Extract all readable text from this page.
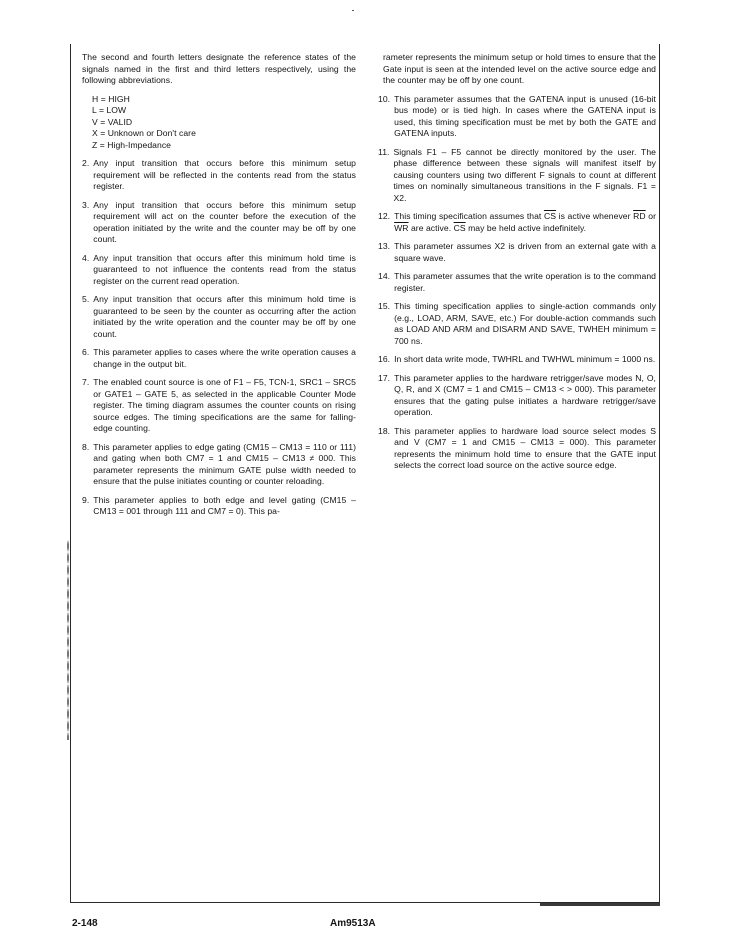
The second and fourth letters designate the reference states of the signals named in the first and third letters respectively, using the following abbreviations.

H = HIGH
L = LOW
V = VALID
X = Unknown or Don't care
Z = High-Impedance
2. Any input transition that occurs before this minimum setup requirement will be reflected in the contents read from the status register.
3. Any input transition that occurs before this minimum setup requirement will act on the counter before the execution of the operation initiated by the write and the counter may be off by one count.
4. Any input transition that occurs after this minimum hold time is guaranteed to not influence the contents read from the status register on the current read operation.
5. Any input transition that occurs after this minimum hold time is guaranteed to be seen by the counter as occurring after the action initiated by the write operation and the counter may be off by one count.
6. This parameter applies to cases where the write operation causes a change in the output bit.
7. The enabled count source is one of F1 – F5, TCN-1, SRC1 – SRC5 or GATE1 – GATE 5, as selected in the applicable Counter Mode register. The timing diagram assumes the counter counts on rising source edges. The timing specifications are the same for falling-edge counting.
8. This parameter applies to edge gating (CM15 – CM13 = 110 or 111) and gating when both CM7 = 1 and CM15 – CM13 ≠ 000. This parameter represents the minimum GATE pulse width needed to ensure that the pulse initiates counting or counter reloading.
9. This parameter applies to both edge and level gating (CM15 – CM13 = 001 through 111 and CM7 = 0). This pa-

rameter represents the minimum setup or hold times to ensure that the Gate input is seen at the intended level on the active source edge and the counter may be off by one count.

10. This parameter assumes that the GATENA input is unused (16-bit bus mode) or is tied high. In cases where the GATENA input is used, this timing specification must be met by both the GATE and GATENA inputs.
11. Signals F1 – F5 cannot be directly monitored by the user. The phase difference between these signals will manifest itself by causing counters using two different F signals to count at different times on nominally simultaneous transitions in the F signals. F1 = X2.
12. This timing specification assumes that $\overline{CS}$ is active whenever $\overline{RD}$ or $\overline{WR}$ are active. $\overline{CS}$ may be held active indefinitely.
13. This parameter assumes X2 is driven from an external gate with a square wave.
14. This parameter assumes that the write operation is to the command register.
15. This timing specification applies to single-action commands only (e.g., LOAD, ARM, SAVE, etc.) For double-action commands such as LOAD AND ARM and DISARM AND SAVE, TWHEH minimum = 700 ns.
16. In short data write mode, TWHRL and TWHWL minimum = 1000 ns.
17. This parameter applies to the hardware retrigger/save modes N, O, Q, R, and X (CM7 = 1 and CM15 – CM13 < > 000). This parameter ensures that the gating pulse initiates a hardware retrigger/save operation.
18. This parameter applies to hardware load source select modes S and V (CM7 = 1 and CM15 – CM13 = 000). This parameter represents the minimum hold time to ensure that the GATE input selects the correct load source on the active source edge.
2-148	Am9513A
